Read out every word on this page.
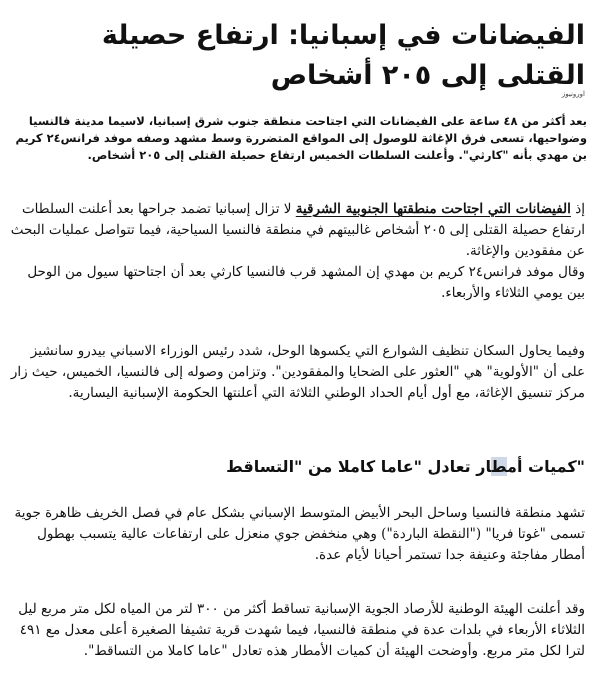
الفيضانات في إسبانيا: ارتفاع حصيلة القتلى إلى ٢٠٥ أشخاص
اورونيوز

بعد أكثر من ٤٨ ساعة على الفيضانات التي اجتاحت منطقة جنوب شرق إسبانيا، لاسيما مدينة فالنسيا وضواحيها، تسعى فرق الإغاثة للوصول إلى المواقع المتضررة وسط مشهد وصفه موفد فرانس٢٤ كريم بن مهدي بأنه "كارثي". وأعلنت السلطات الخميس ارتفاع حصيلة القتلى إلى ٢٠٥ أشخاص.

إذ الفيضانات التي اجتاحت منطقتها الجنوبية الشرقية لا تزال إسبانيا تضمد جراحها بعد أعلنت السلطات ارتفاع حصيلة القتلى إلى ٢٠٥ أشخاص غالبيتهم في منطقة فالنسيا السياحية، فيما تتواصل عمليات البحث عن مفقودين والإغاثة.
وقال موفد فرانس٢٤ كريم بن مهدي إن المشهد قرب فالنسيا كارثي بعد أن اجتاحتها سيول من الوحل بين يومي الثلاثاء والأربعاء.

وفيما يحاول السكان تنظيف الشوارع التي يكسوها الوحل، شدد رئيس الوزراء الاسباني بيدرو سانشيز على أن "الأولوية" هي "العثور على الضحايا والمفقودين". وتزامن وصوله إلى فالنسيا، الخميس، حيث زار مركز تنسيق الإغاثة، مع أول أيام الحداد الوطني الثلاثة التي أعلنتها الحكومة الإسبانية اليسارية.

"كميات أمطار تعادل "عاما كاملا من "التساقط

تشهد منطقة فالنسيا وساحل البحر الأبيض المتوسط الإسباني بشكل عام في فصل الخريف ظاهرة جوية تسمى "غوتا فريا" ("النقطة الباردة") وهي منخفض جوي منعزل على ارتفاعات عالية يتسبب بهطول أمطار مفاجئة وعنيفة جدا تستمر أحيانا لأيام عدة.

وقد أعلنت الهيئة الوطنية للأرصاد الجوية الإسبانية تساقط أكثر من ٣٠٠ لتر من المياه لكل متر مربع ليل الثلاثاء الأربعاء في بلدات عدة في منطقة فالنسيا، فيما شهدت قرية تشيفا الصغيرة أعلى معدل مع ٤٩١ لترا لكل متر مربع. وأوضحت الهيئة أن كميات الأمطار هذه تعادل "عاما كاملا من التساقط".
